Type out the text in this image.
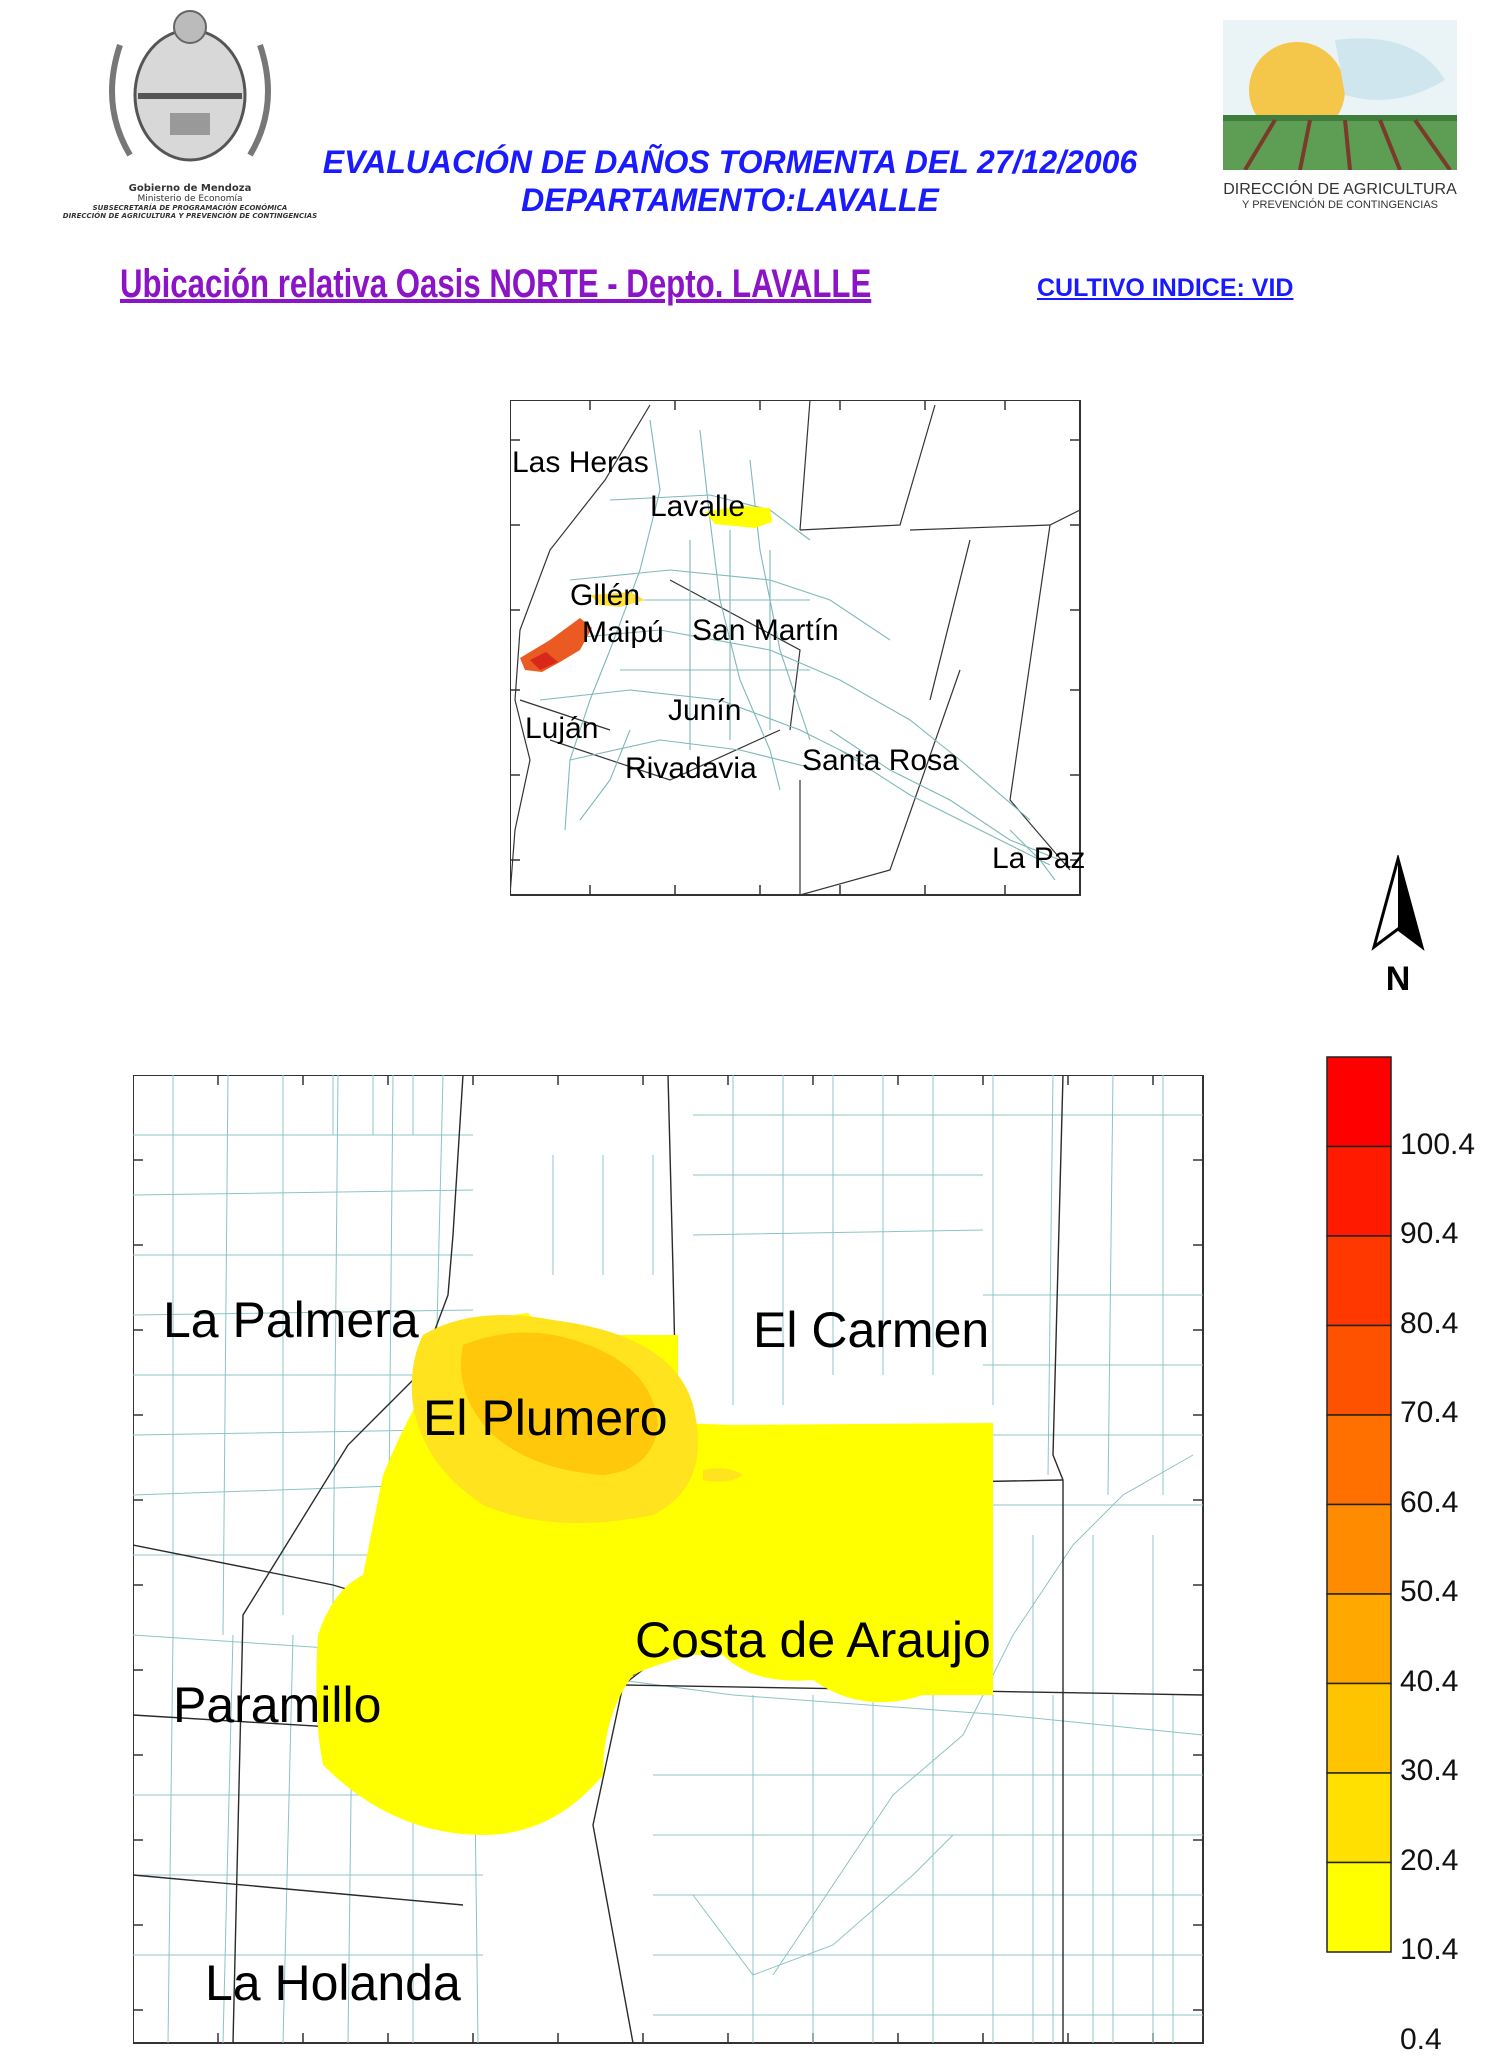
Gobierno de Mendoza
Ministerio de Economía
SUBSECRETARÍA DE PROGRAMACIÓN ECONÓMICA
DIRECCIÓN DE AGRICULTURA Y PREVENCIÓN DE CONTINGENCIAS
EVALUACIÓN DE DAÑOS TORMENTA DEL 27/12/2006
DEPARTAMENTO:LAVALLE	DIRECCIÓN DE AGRICULTURA
Y PREVENCIÓN DE CONTINGENCIAS
Ubicación relativa Oasis NORTE - Depto. LAVALLE	CULTIVO INDICE: VID
Las Heras
Lavalle
Gllén
Maipú San Martín
Junín
Luján
Rivadavia Santa Rosa
La Paz
N
La Palmera	El Carmen
El Plumero
Costa de Araujo
Paramillo
La Holanda
100.4
90.4
80.4
70.4
60.4
50.4
40.4
30.4
20.4
10.4
0.4
